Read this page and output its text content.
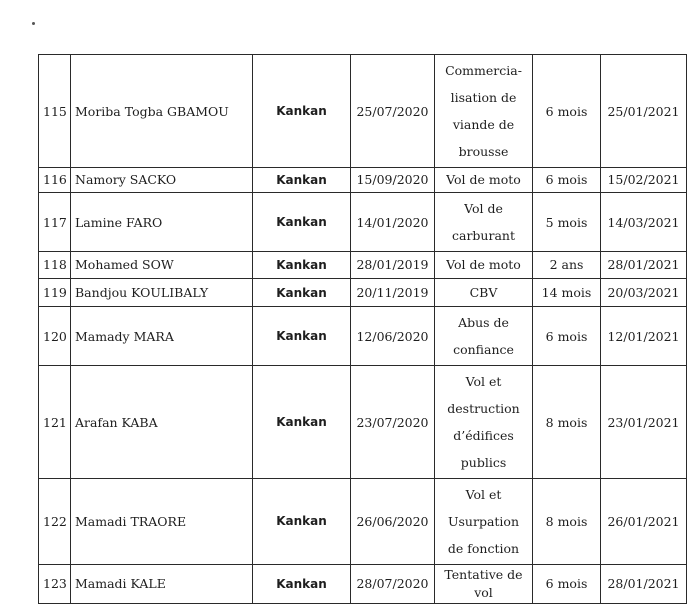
115	Moriba Togba GBAMOU	Kankan	25/07/2020	Commercia-lisation de viande de brousse	6 mois	25/01/2021
116	Namory SACKO	Kankan	15/09/2020	Vol de moto	6 mois	15/02/2021
117	Lamine FARO	Kankan	14/01/2020	Vol de carburant	5 mois	14/03/2021
118	Mohamed SOW	Kankan	28/01/2019	Vol de moto	2 ans	28/01/2021
119	Bandjou KOULIBALY	Kankan	20/11/2019	CBV	14 mois	20/03/2021
120	Mamady MARA	Kankan	12/06/2020	Abus de confiance	6 mois	12/01/2021
121	Arafan KABA	Kankan	23/07/2020	Vol et destruction d’édifices publics	8 mois	23/01/2021
122	Mamadi TRAORE	Kankan	26/06/2020	Vol et Usurpation de fonction	8 mois	26/01/2021
123	Mamadi KALE	Kankan	28/07/2020	Tentative de vol	6 mois	28/01/2021
